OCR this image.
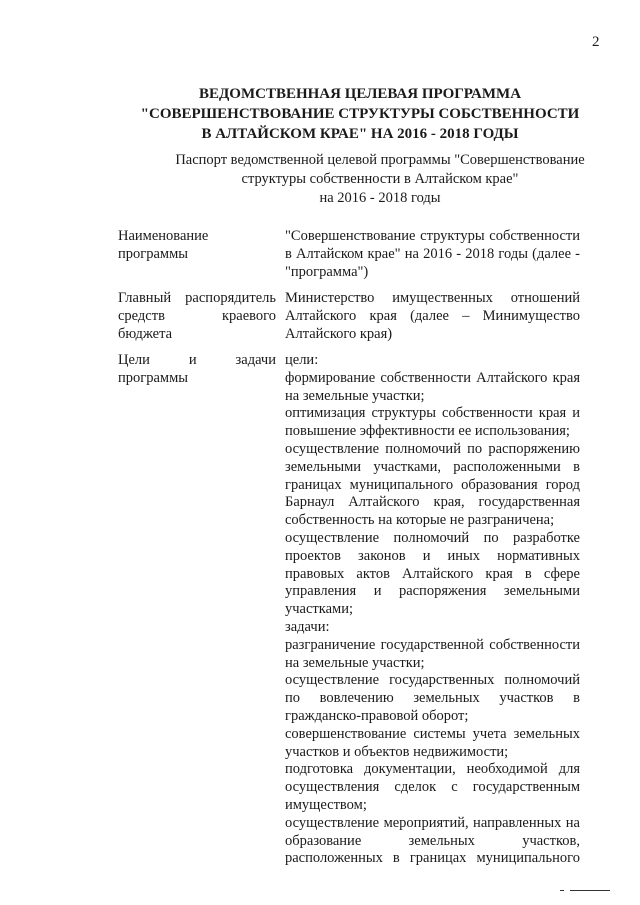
2
ВЕДОМСТВЕННАЯ ЦЕЛЕВАЯ ПРОГРАММА
"СОВЕРШЕНСТВОВАНИЕ СТРУКТУРЫ СОБСТВЕННОСТИ
В АЛТАЙСКОМ КРАЕ" НА 2016 - 2018 ГОДЫ
Паспорт ведомственной целевой программы "Совершенствование
структуры собственности в Алтайском крае"
на 2016 - 2018 годы
Наименование
программы
"Совершенствование структуры собственности
в Алтайском крае" на 2016 - 2018 годы (далее -
"программа")
Главный распорядитель
средств краевого
бюджета
Министерство имущественных отношений
Алтайского края (далее – Минимущество
Алтайского края)
Цели и задачи
программы
цели:
формирование собственности Алтайского края
на земельные участки;
оптимизация структуры собственности края и
повышение эффективности ее использования;
осуществление полномочий по распоряжению
земельными участками, расположенными в
границах муниципального образования город
Барнаул Алтайского края, государственная
собственность на которые не разграничена;
осуществление полномочий по разработке
проектов законов и иных нормативных
правовых актов Алтайского края в сфере
управления и распоряжения земельными
участками;
задачи:
разграничение государственной собственности
на земельные участки;
осуществление государственных полномочий
по вовлечению земельных участков в
гражданско-правовой оборот;
совершенствование системы учета земельных
участков и объектов недвижимости;
подготовка документации, необходимой для
осуществления сделок с государственным
имуществом;
осуществление мероприятий, направленных на
образование земельных участков,
расположенных в границах муниципального
